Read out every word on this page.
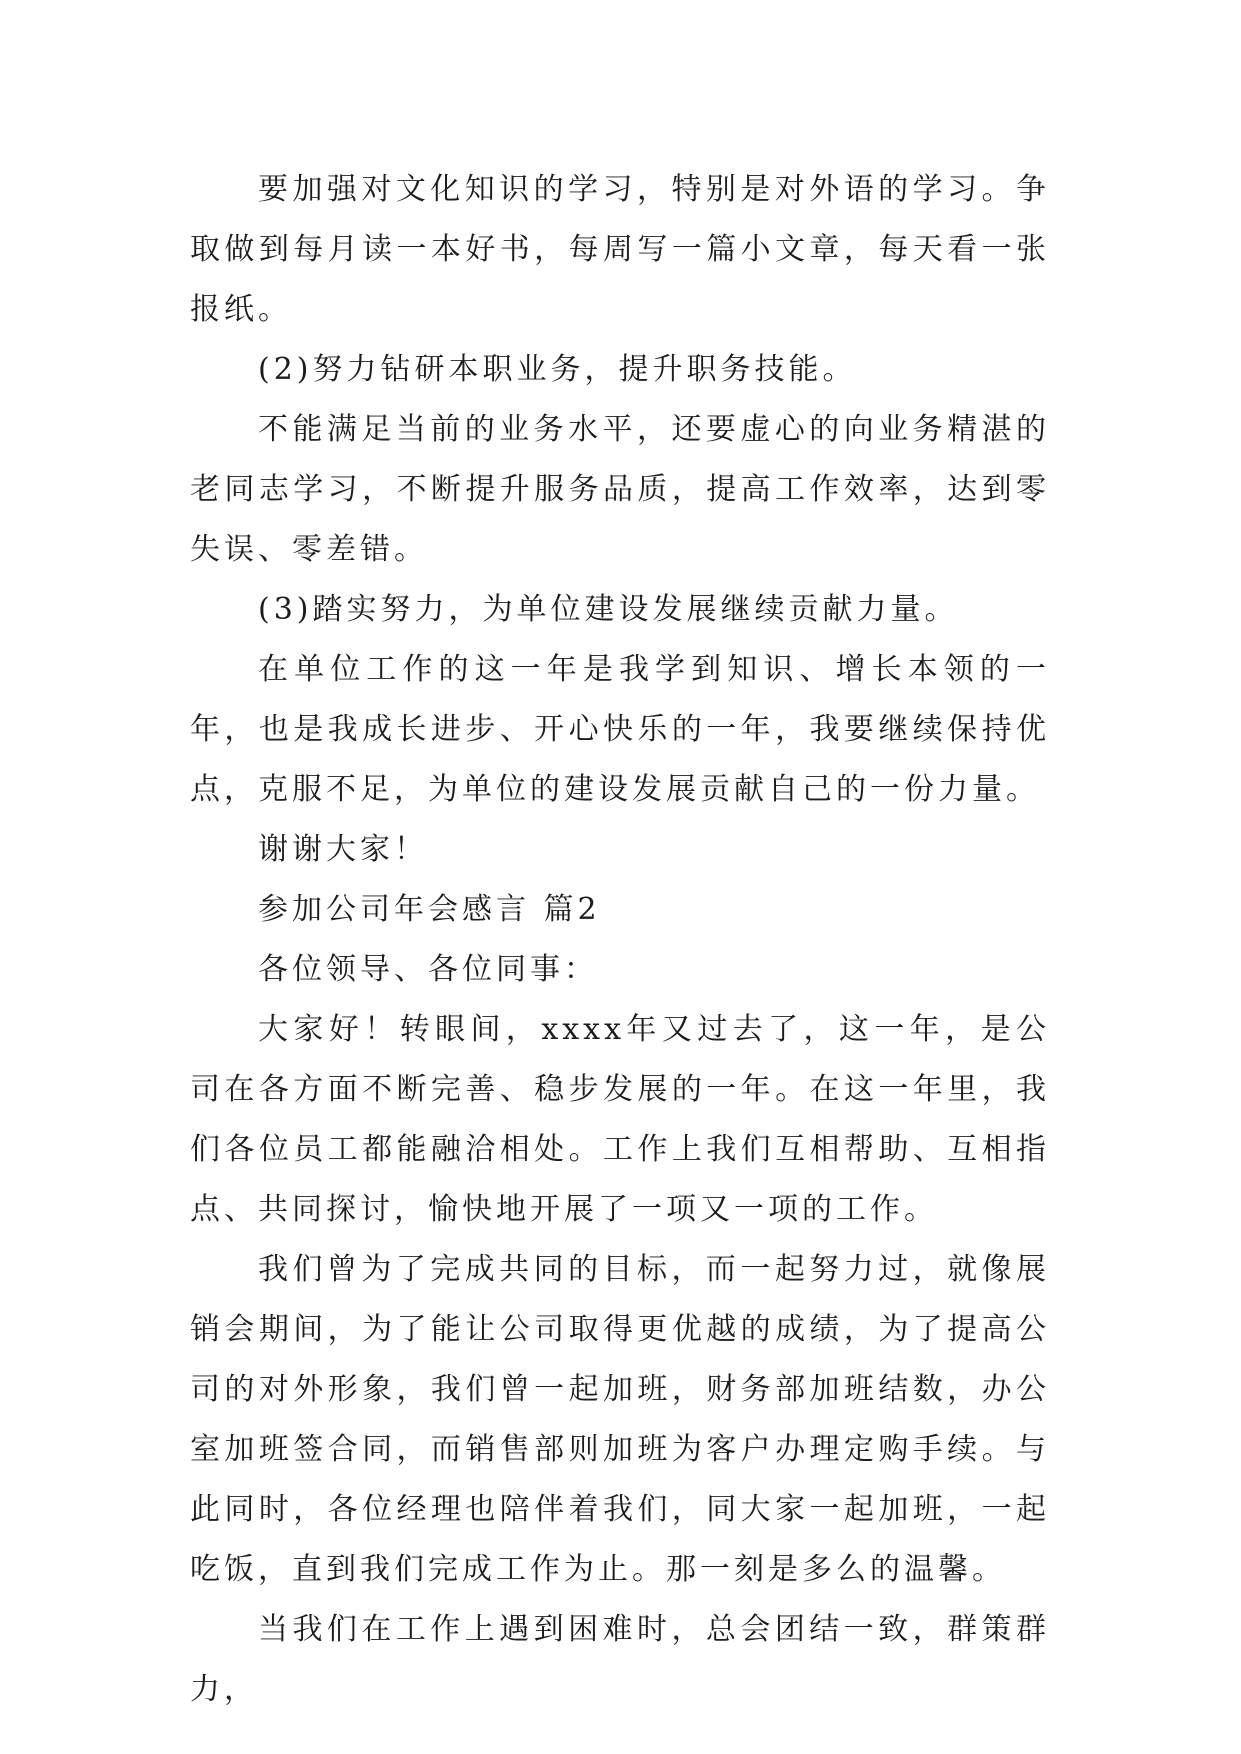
要加强对文化知识的学习，特别是对外语的学习。争取做到每月读一本好书，每周写一篇小文章，每天看一张报纸。

(2)努力钻研本职业务，提升职务技能。

不能满足当前的业务水平，还要虚心的向业务精湛的老同志学习，不断提升服务品质，提高工作效率，达到零失误、零差错。

(3)踏实努力，为单位建设发展继续贡献力量。

在单位工作的这一年是我学到知识、增长本领的一年，也是我成长进步、开心快乐的一年，我要继续保持优点，克服不足，为单位的建设发展贡献自己的一份力量。

谢谢大家！

参加公司年会感言 篇2

各位领导、各位同事：

大家好！转眼间，xxxx年又过去了，这一年，是公司在各方面不断完善、稳步发展的一年。在这一年里，我们各位员工都能融洽相处。工作上我们互相帮助、互相指点、共同探讨，愉快地开展了一项又一项的工作。

我们曾为了完成共同的目标，而一起努力过，就像展销会期间，为了能让公司取得更优越的成绩，为了提高公司的对外形象，我们曾一起加班，财务部加班结数，办公室加班签合同，而销售部则加班为客户办理定购手续。与此同时，各位经理也陪伴着我们，同大家一起加班，一起吃饭，直到我们完成工作为止。那一刻是多么的温馨。

当我们在工作上遇到困难时，总会团结一致，群策群力，
